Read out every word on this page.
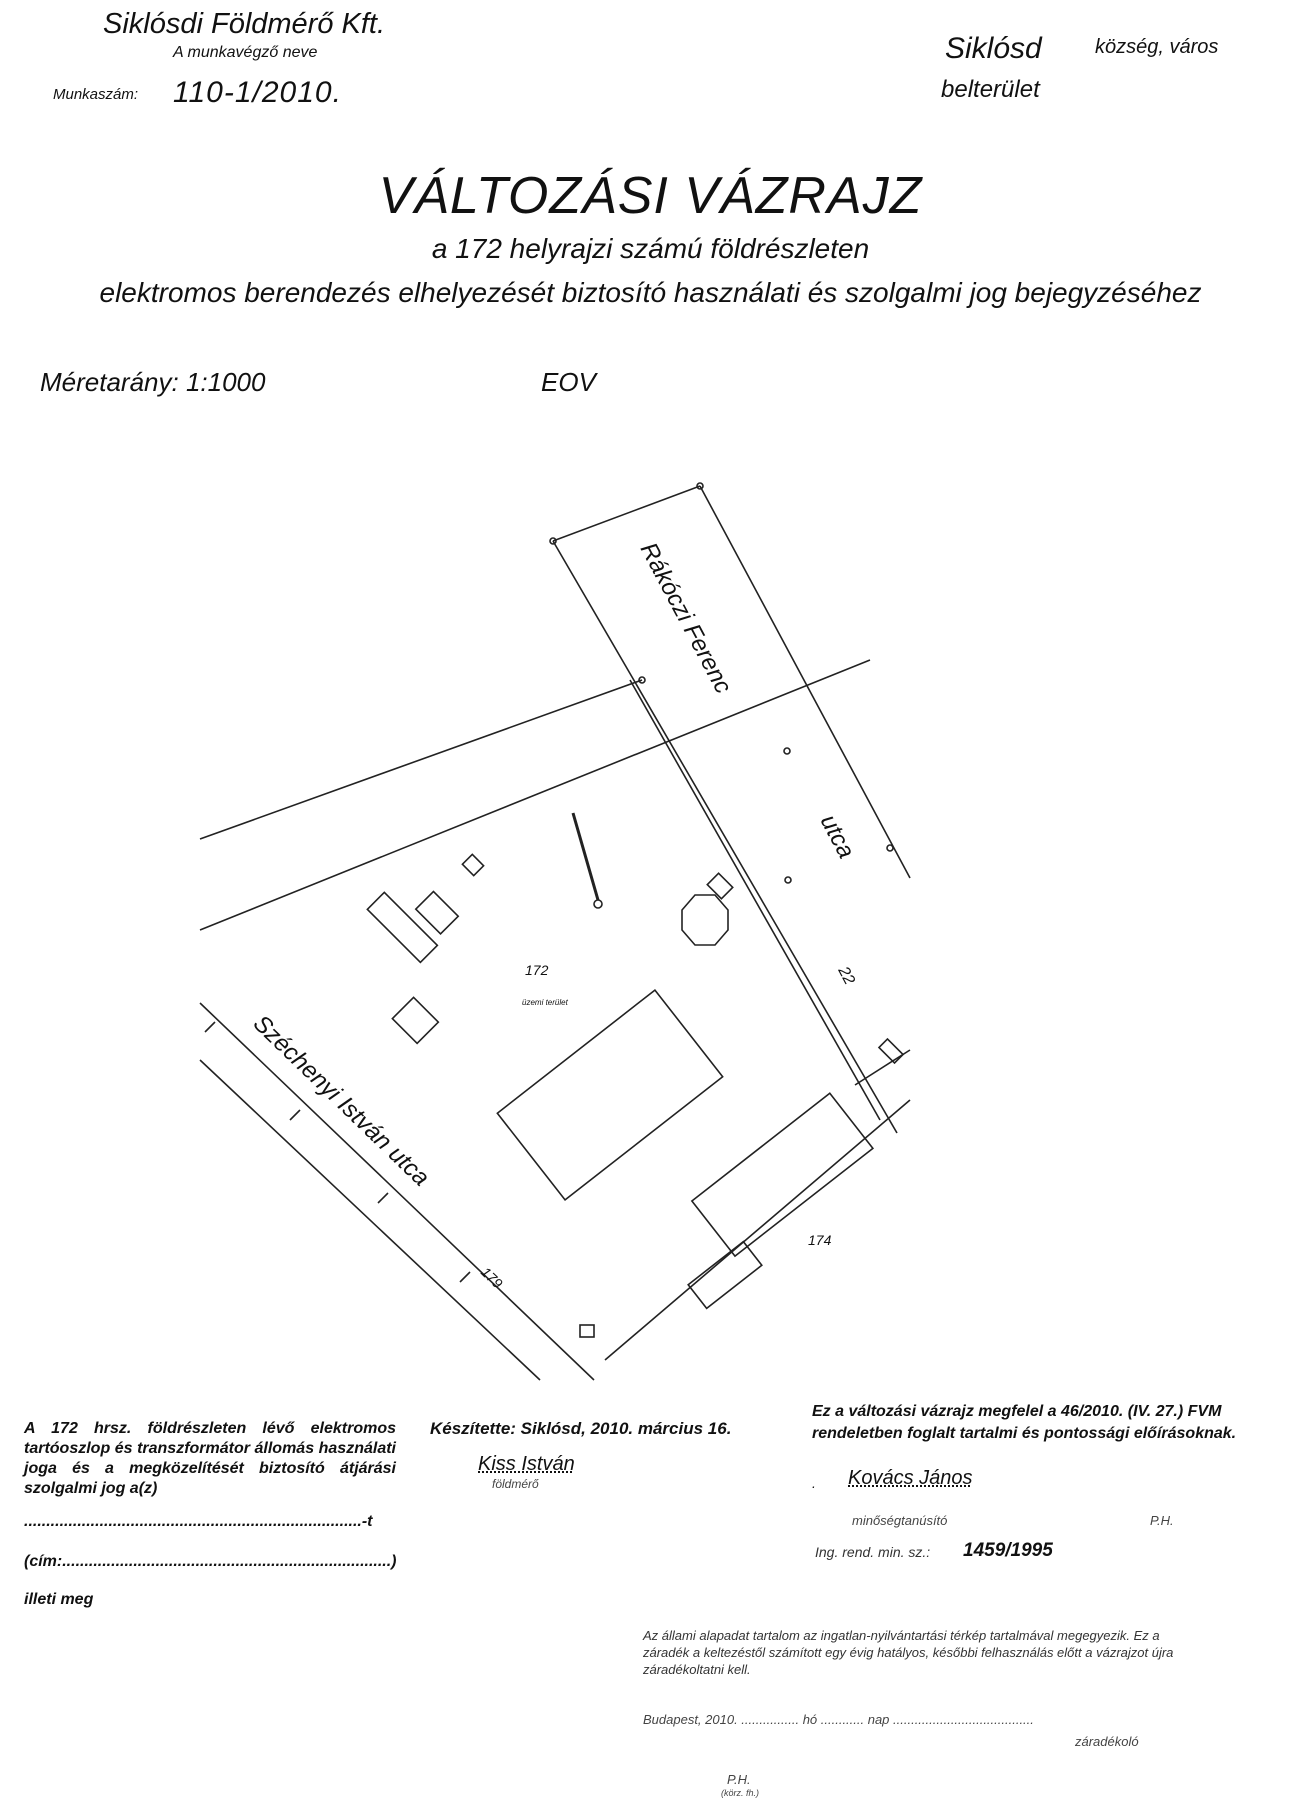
Siklósdi Földmérő Kft.
A munkavégző neve
Munkaszám: 110-1/2010.
Siklósd	község, város
belterület
VÁLTOZÁSI VÁZRAJZ
a 172 helyrajzi számú földrészleten
elektromos berendezés elhelyezését biztosító használati és szolgalmi jog bejegyzéséhez
Méretarány: 1:1000	EOV
Rákóczi Ferenc
utca
Széchenyi István utca
172
üzemi terület
22
174
179
A 172 hrsz. földrészleten lévő elektromos tartóoszlop és transzformátor állomás használati joga és a megközelítését biztosító átjárási szolgalmi jog a(z)
............................................................................-t
(cím:..........................................................................)
illeti meg
Készítette: Siklósd, 2010. március 16.
Kiss István
földmérő
Ez a változási vázrajz megfelel a 46/2010. (IV. 27.) FVM rendeletben foglalt tartalmi és pontossági előírásoknak.
. Kovács János
minőségtanúsító	P.H.
Ing. rend. min. sz.: 1459/1995
Az állami alapadat tartalom az ingatlan-nyilvántartási térkép tartalmával megegyezik. Ez a záradék a keltezéstől számított egy évig hatályos, későbbi felhasználás előtt a vázrajzot újra záradékoltatni kell.
Budapest, 2010. ................ hó ............ nap .......................................
záradékoló
P.H.
(körz. fh.)
